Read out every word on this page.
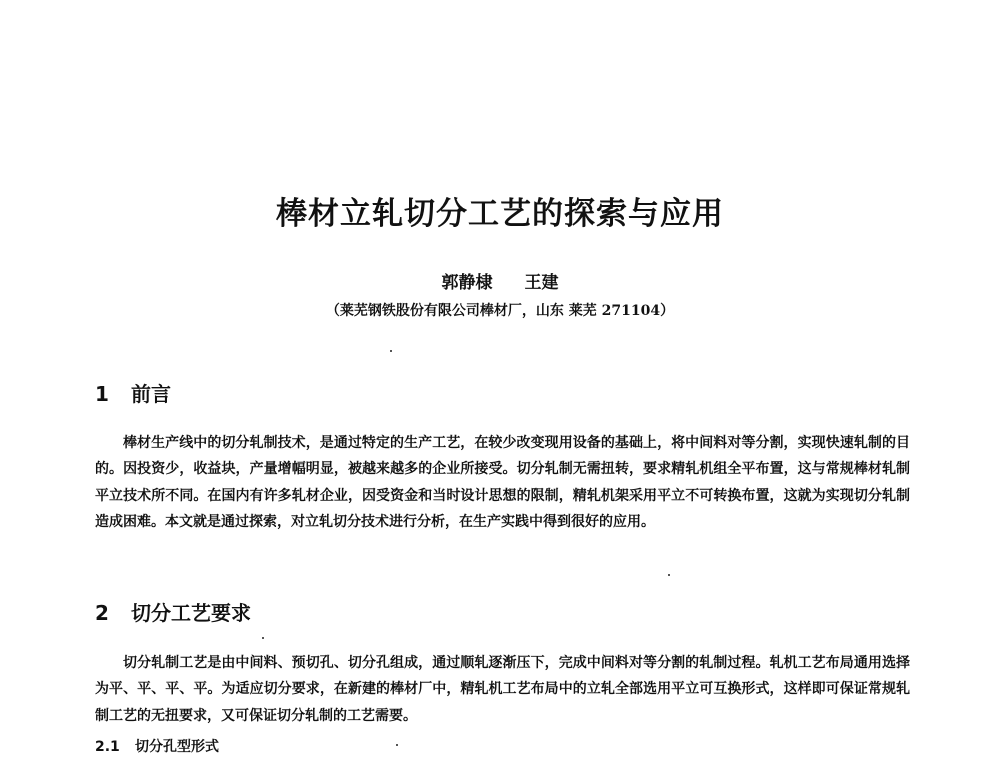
棒材立轧切分工艺的探索与应用
郭静棣 王建
（莱芜钢铁股份有限公司棒材厂，山东 莱芜 271104）
1 前言
棒材生产线中的切分轧制技术，是通过特定的生产工艺，在较少改变现用设备的基础上，将中间料对等分割，实现快速轧制的目的。因投资少，收益块，产量增幅明显，被越来越多的企业所接受。切分轧制无需扭转，要求精轧机组全平布置，这与常规棒材轧制平立技术所不同。在国内有许多轧材企业，因受资金和当时设计思想的限制，精轧机架采用平立不可转换布置，这就为实现切分轧制造成困难。本文就是通过探索，对立轧切分技术进行分析，在生产实践中得到很好的应用。
2 切分工艺要求
切分轧制工艺是由中间料、预切孔、切分孔组成，通过顺轧逐渐压下，完成中间料对等分割的轧制过程。轧机工艺布局通用选择为平、平、平、平。为适应切分要求，在新建的棒材厂中，精轧机工艺布局中的立轧全部选用平立可互换形式，这样即可保证常规轧制工艺的无扭要求，又可保证切分轧制的工艺需要。
2.1 切分孔型形式
